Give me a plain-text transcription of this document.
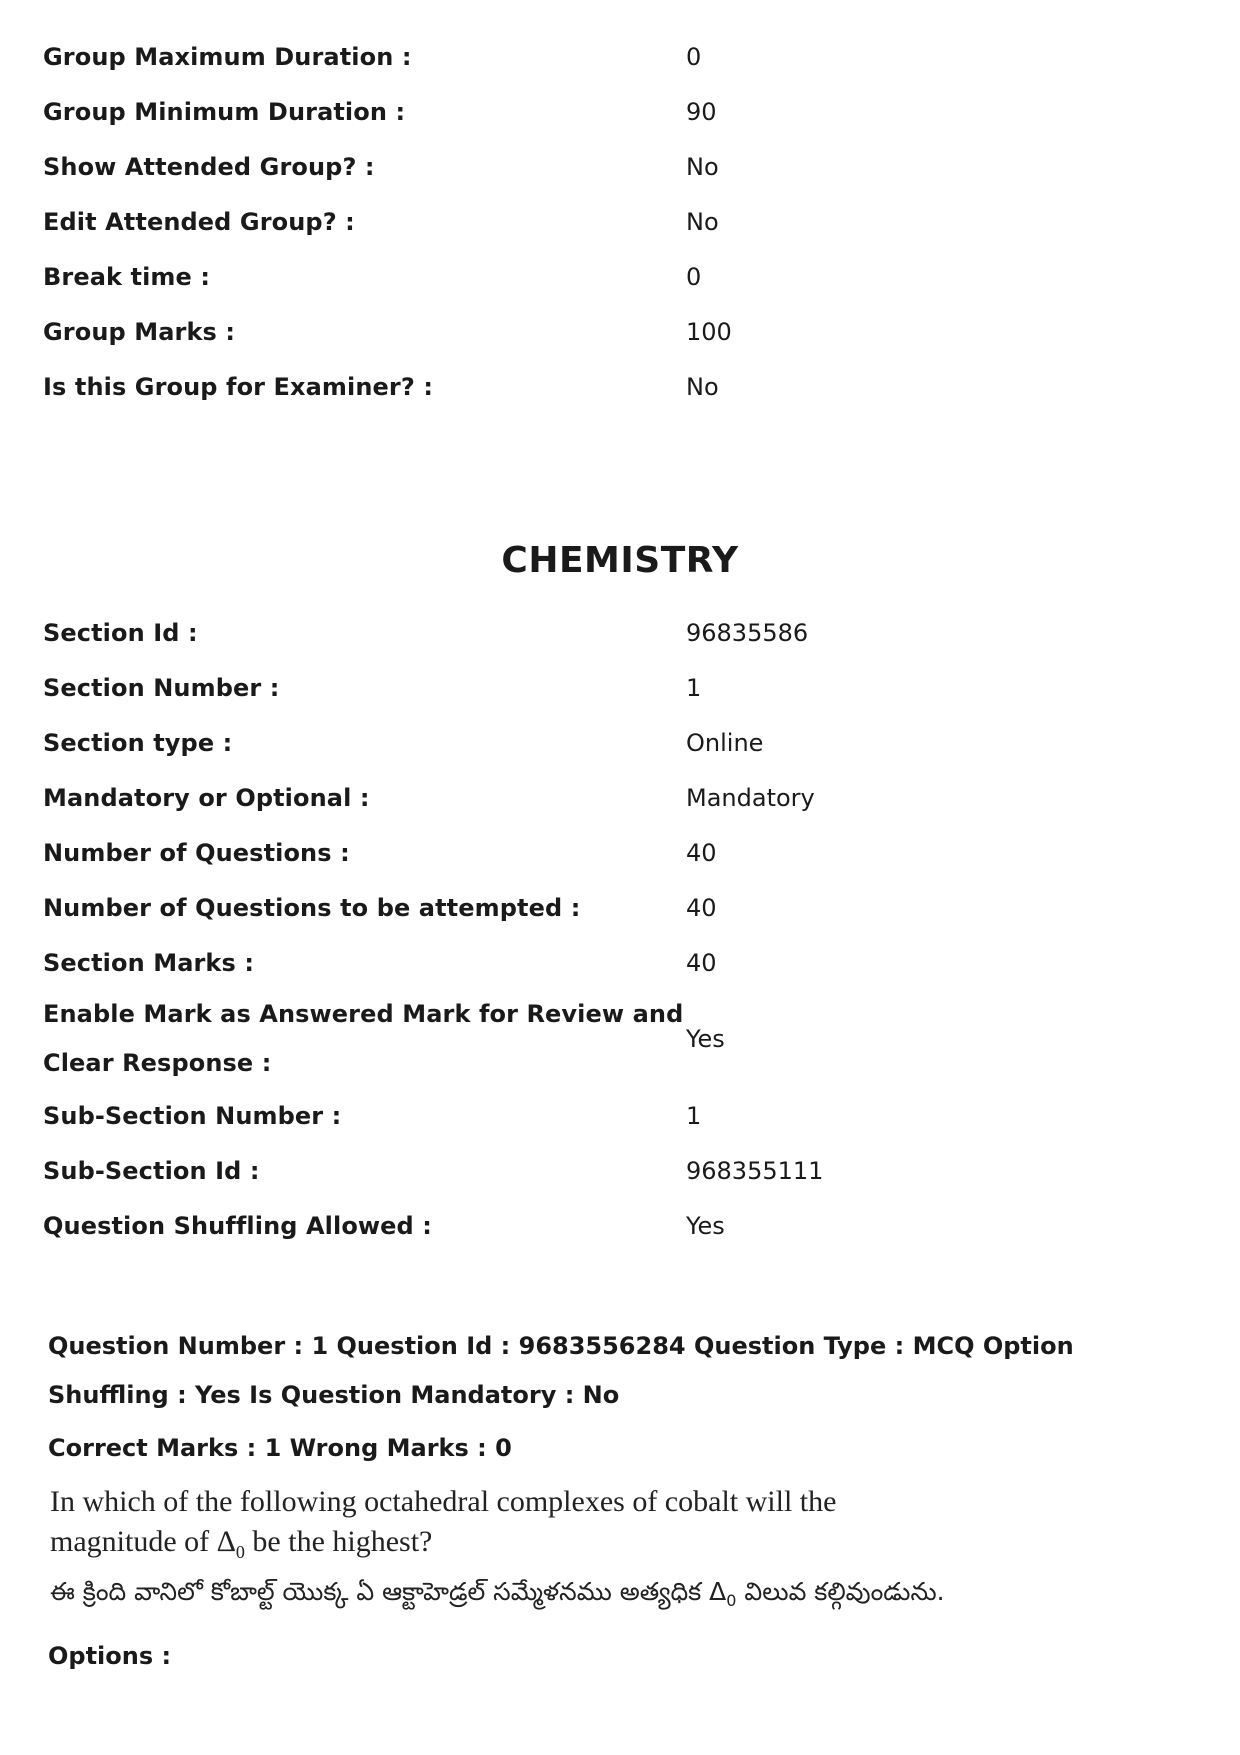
Group Maximum Duration :	0
Group Minimum Duration :	90
Show Attended Group? :	No
Edit Attended Group? :	No
Break time :	0
Group Marks :	100
Is this Group for Examiner? :	No
CHEMISTRY
Section Id :	96835586
Section Number :	1
Section type :	Online
Mandatory or Optional :	Mandatory
Number of Questions :	40
Number of Questions to be attempted :	40
Section Marks :	40
Enable Mark as Answered Mark for Review and Clear Response :	Yes
Sub-Section Number :	1
Sub-Section Id :	968355111
Question Shuffling Allowed :	Yes
Question Number : 1 Question Id : 9683556284 Question Type : MCQ Option Shuffling : Yes Is Question Mandatory : No
Correct Marks : 1 Wrong Marks : 0
In which of the following octahedral complexes of cobalt will the magnitude of $\Delta_0$ be the highest?
ఈ క్రింది వానిలో కోబాల్ట్ యొక్క ఏ ఆక్టాహెడ్రల్ సమ్మేళనము అత్యధిక $\Delta_0$ విలువ కల్గివుండును.
Options :
